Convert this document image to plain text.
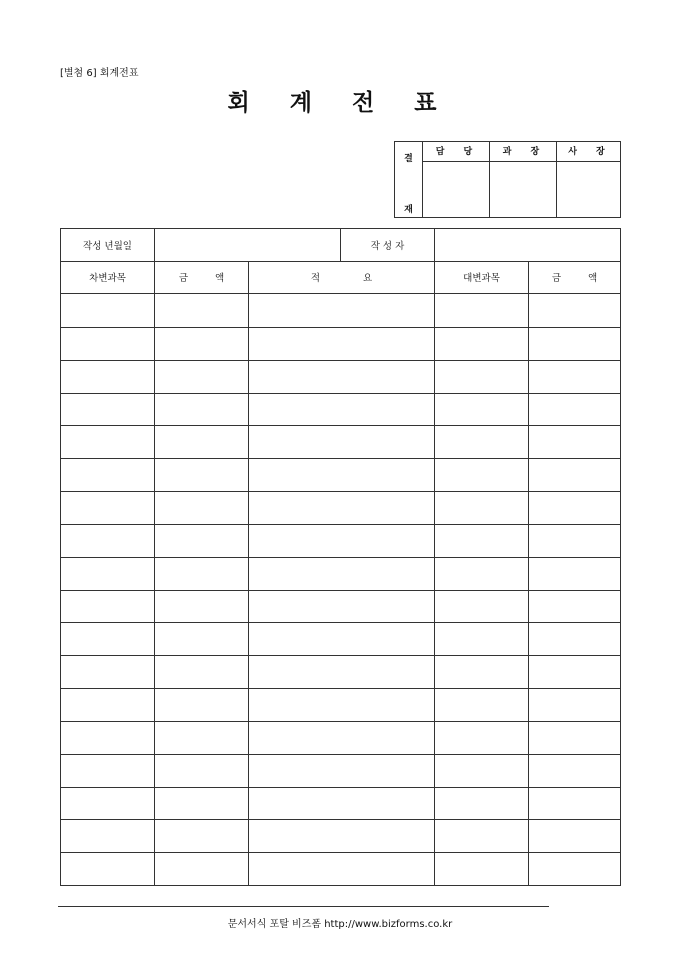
[별첨 6] 회계전표
회 계 전 표
결
재
담 당	과 장	사 장
작성 년월일	작 성 자
차변과목	금 액	적 요	대변과목	금 액
문서서식 포탈 비즈폼 http://www.bizforms.co.kr
